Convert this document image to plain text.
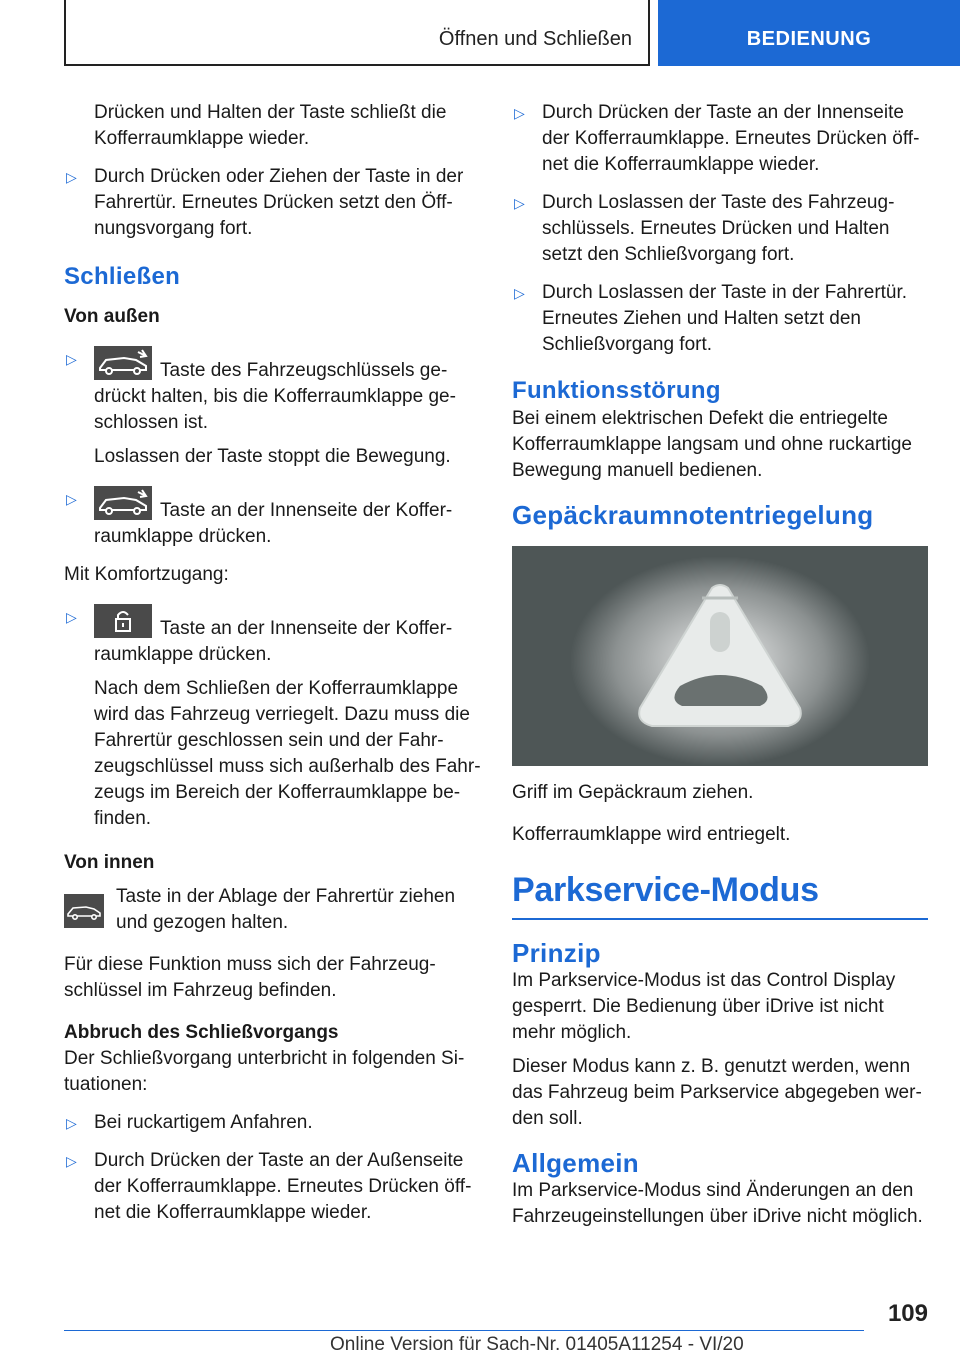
Öffnen und Schließen	BEDIENUNG

Drücken und Halten der Taste schließt die Kofferraumklappe wieder.

▷ Durch Drücken oder Ziehen der Taste in der Fahrertür. Erneutes Drücken setzt den Öffnungsvorgang fort.
Schließen
Von außen
▷
Taste des Fahrzeugschlüssels gedrückt halten, bis die Kofferraumklappe geschlossen ist.

Loslassen der Taste stoppt die Bewegung.

▷
Taste an der Innenseite der Kofferraumklappe drücken.

Mit Komfortzugang:

▷
Taste an der Innenseite der Kofferraumklappe drücken.

Nach dem Schließen der Kofferraumklappe wird das Fahrzeug verriegelt. Dazu muss die Fahrertür geschlossen sein und der Fahrzeugschlüssel muss sich außerhalb des Fahrzeugs im Bereich der Kofferraumklappe befinden.

Von innen

Taste in der Ablage der Fahrertür ziehen und gezogen halten.

Für diese Funktion muss sich der Fahrzeugschlüssel im Fahrzeug befinden.

Abbruch des Schließvorgangs

Der Schließvorgang unterbricht in folgenden Situationen:

▷ Bei ruckartigem Anfahren.
▷ Durch Drücken der Taste an der Außenseite der Kofferraumklappe. Erneutes Drücken öffnet die Kofferraumklappe wieder.
▷ Durch Drücken der Taste an der Innenseite der Kofferraumklappe. Erneutes Drücken öffnet die Kofferraumklappe wieder.
▷ Durch Loslassen der Taste des Fahrzeugschlüssels. Erneutes Drücken und Halten setzt den Schließvorgang fort.
▷ Durch Loslassen der Taste in der Fahrertür. Erneutes Ziehen und Halten setzt den Schließvorgang fort.
Funktionsstörung

Bei einem elektrischen Defekt die entriegelte Kofferraumklappe langsam und ohne ruckartige Bewegung manuell bedienen.

Gepäckraumnotentriegelung

Griff im Gepäckraum ziehen.

Kofferraumklappe wird entriegelt.

Parkservice-Modus
Prinzip

Im Parkservice-Modus ist das Control Display gesperrt. Die Bedienung über iDrive ist nicht mehr möglich.

Dieser Modus kann z. B. genutzt werden, wenn das Fahrzeug beim Parkservice abgegeben werden soll.

Allgemein

Im Parkservice-Modus sind Änderungen an den Fahrzeugeinstellungen über iDrive nicht möglich.

109
Online Version für Sach-Nr. 01405A11254 - VI/20
